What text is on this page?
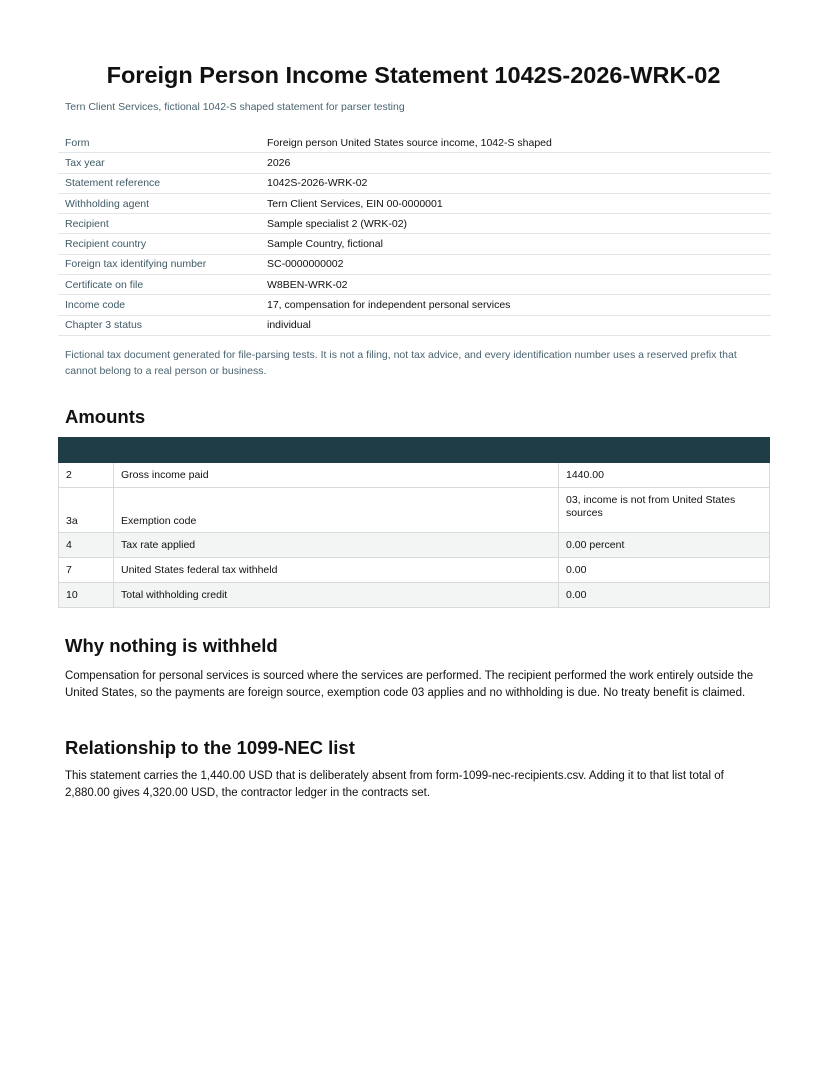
Foreign Person Income Statement 1042S-2026-WRK-02

Tern Client Services, fictional 1042-S shaped statement for parser testing

Form	Foreign person United States source income, 1042-S shaped
Tax year	2026
Statement reference	1042S-2026-WRK-02
Withholding agent	Tern Client Services, EIN 00-0000001
Recipient	Sample specialist 2 (WRK-02)
Recipient country	Sample Country, fictional
Foreign tax identifying number	SC-0000000002
Certificate on file	W8BEN-WRK-02
Income code	17, compensation for independent personal services
Chapter 3 status	individual

Fictional tax document generated for file-parsing tests. It is not a filing, not tax advice, and every identification number uses a reserved prefix that cannot belong to a real person or business.

Amounts
Box	Description	Amount USD
2	Gross income paid	1440.00
3a	Exemption code	03, income is not from United States sources
4	Tax rate applied	0.00 percent
7	United States federal tax withheld	0.00
10	Total withholding credit	0.00
Why nothing is withheld

Compensation for personal services is sourced where the services are performed. The recipient performed the work entirely outside the United States, so the payments are foreign source, exemption code 03 applies and no withholding is due. No treaty benefit is claimed.

Relationship to the 1099-NEC list

This statement carries the 1,440.00 USD that is deliberately absent from form-1099-nec-recipients.csv. Adding it to that list total of 2,880.00 gives 4,320.00 USD, the contractor ledger in the contracts set.
